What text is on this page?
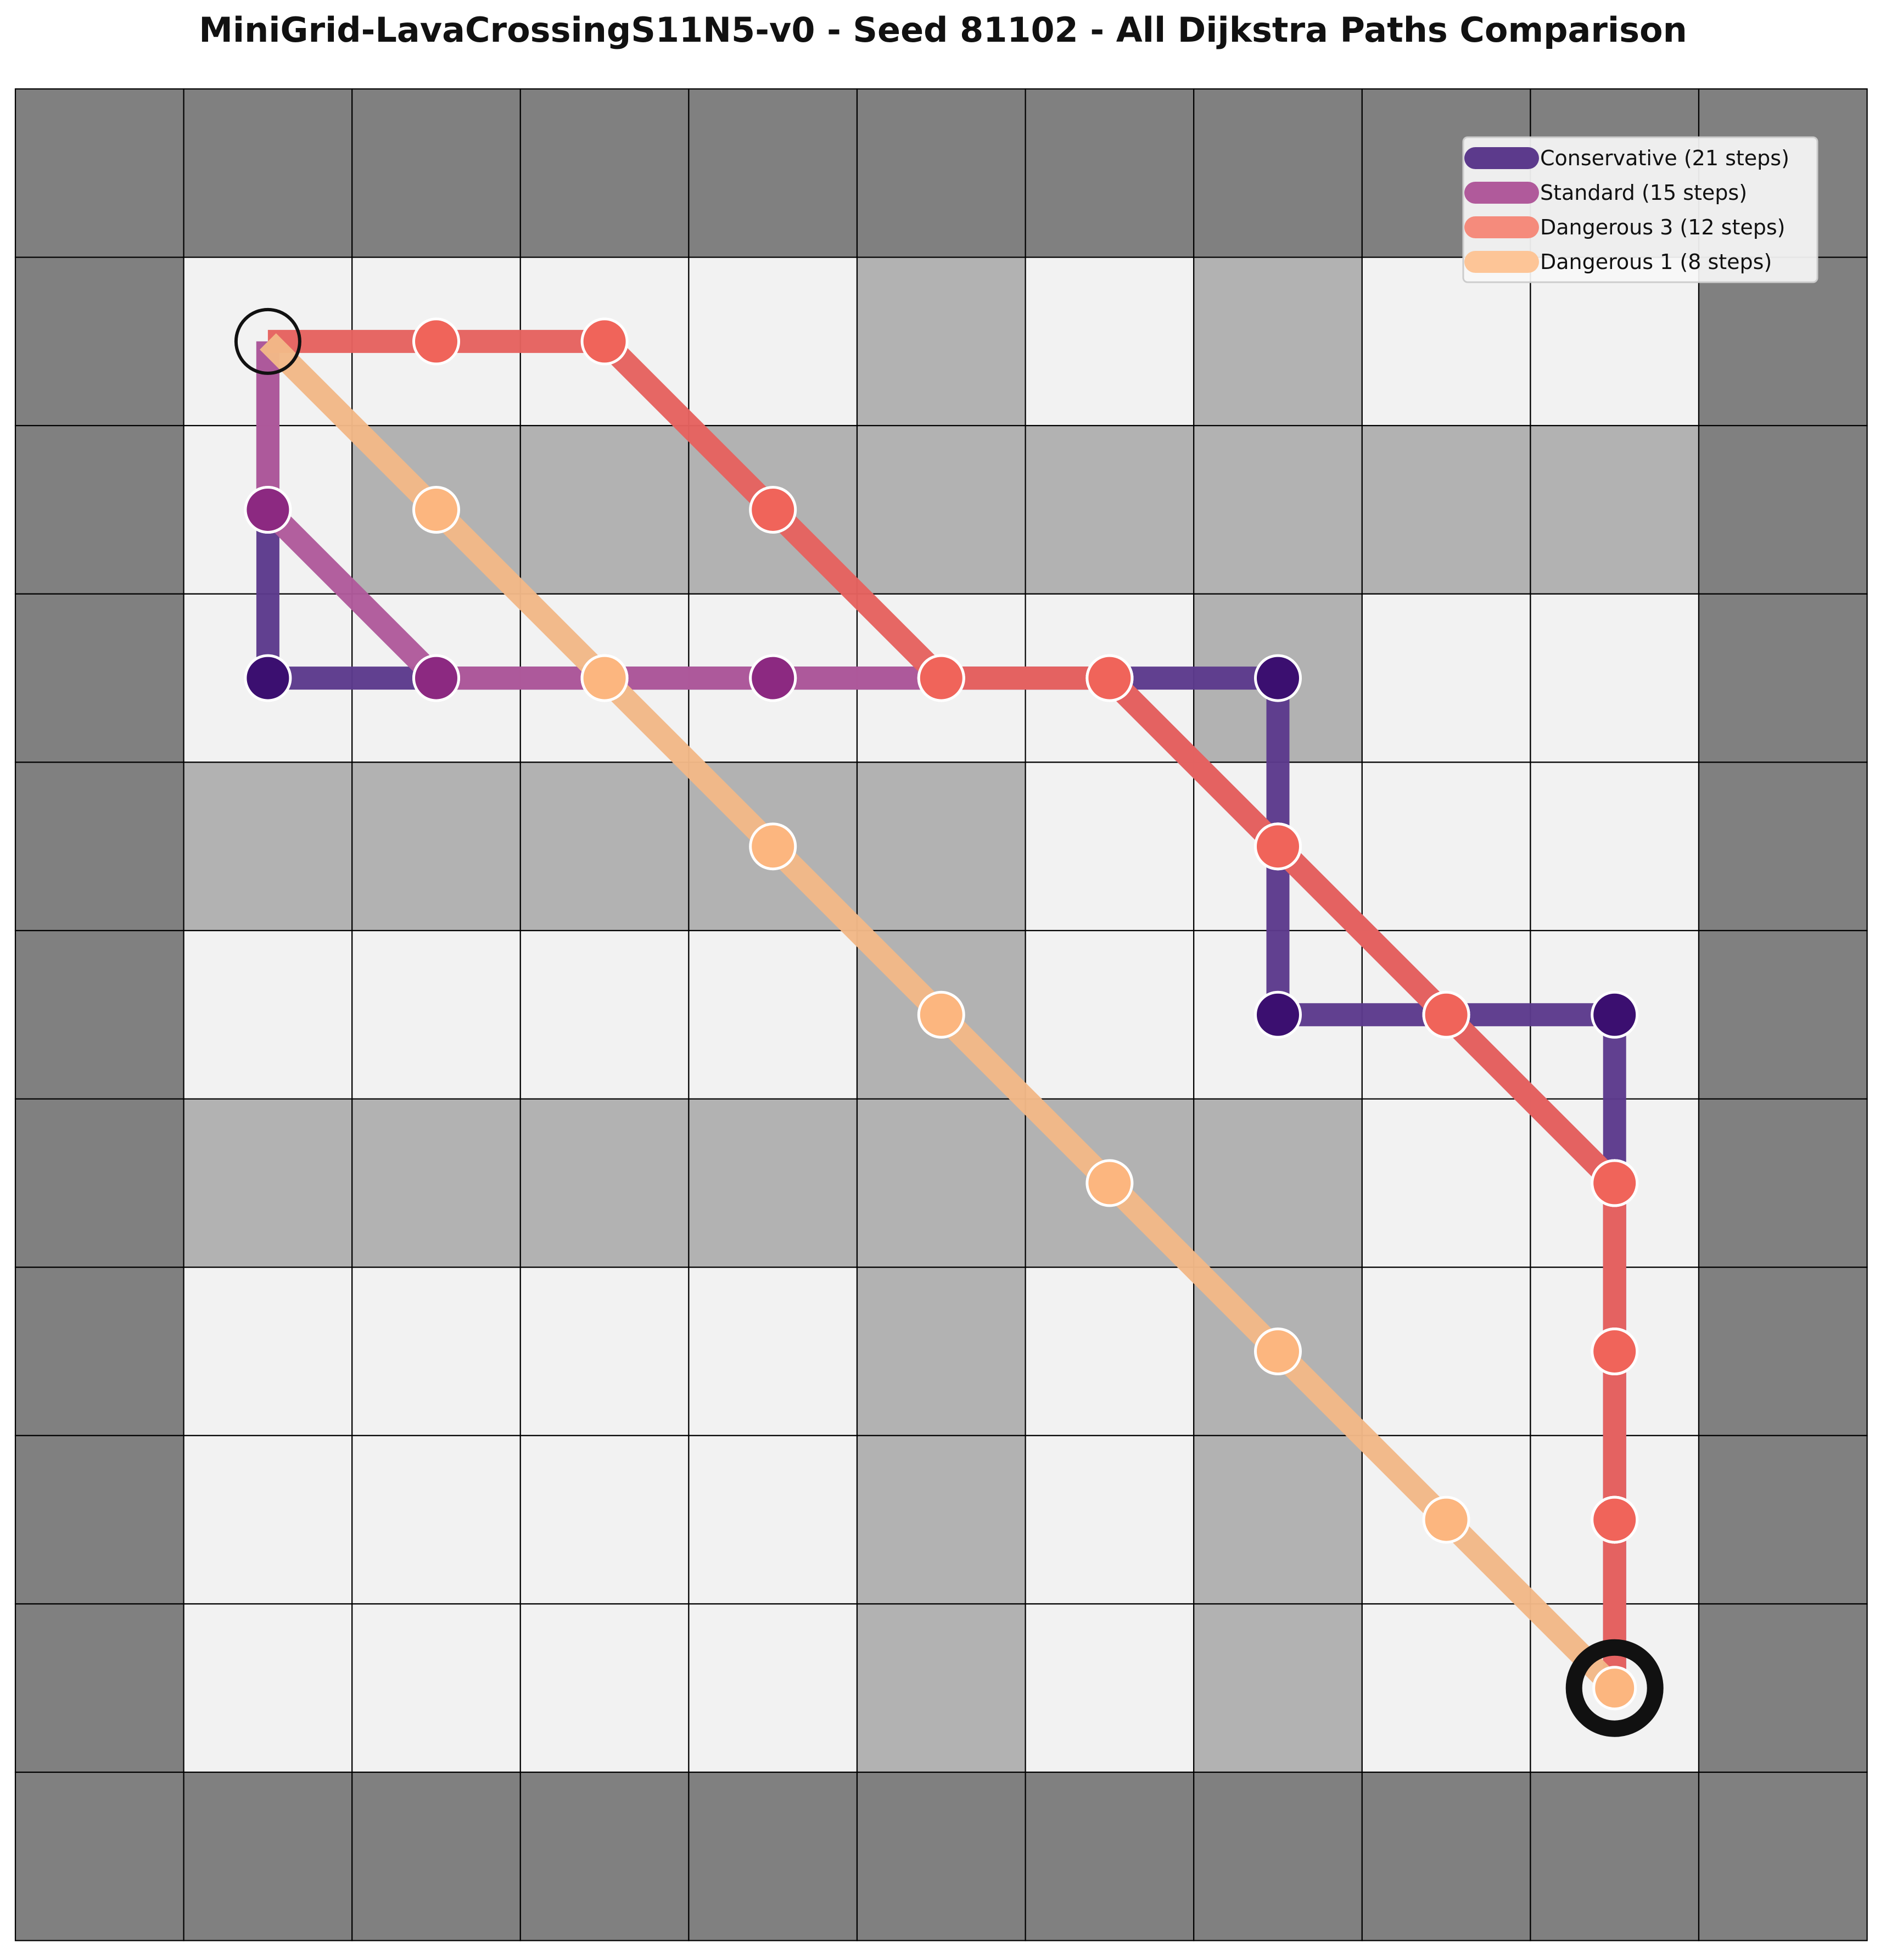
MiniGrid-LavaCrossingS11N5-v0 - Seed 81102 - All Dijkstra Paths Comparison
Conservative (21 steps)
Standard (15 steps)
Dangerous 3 (12 steps)
Dangerous 1 (8 steps)
